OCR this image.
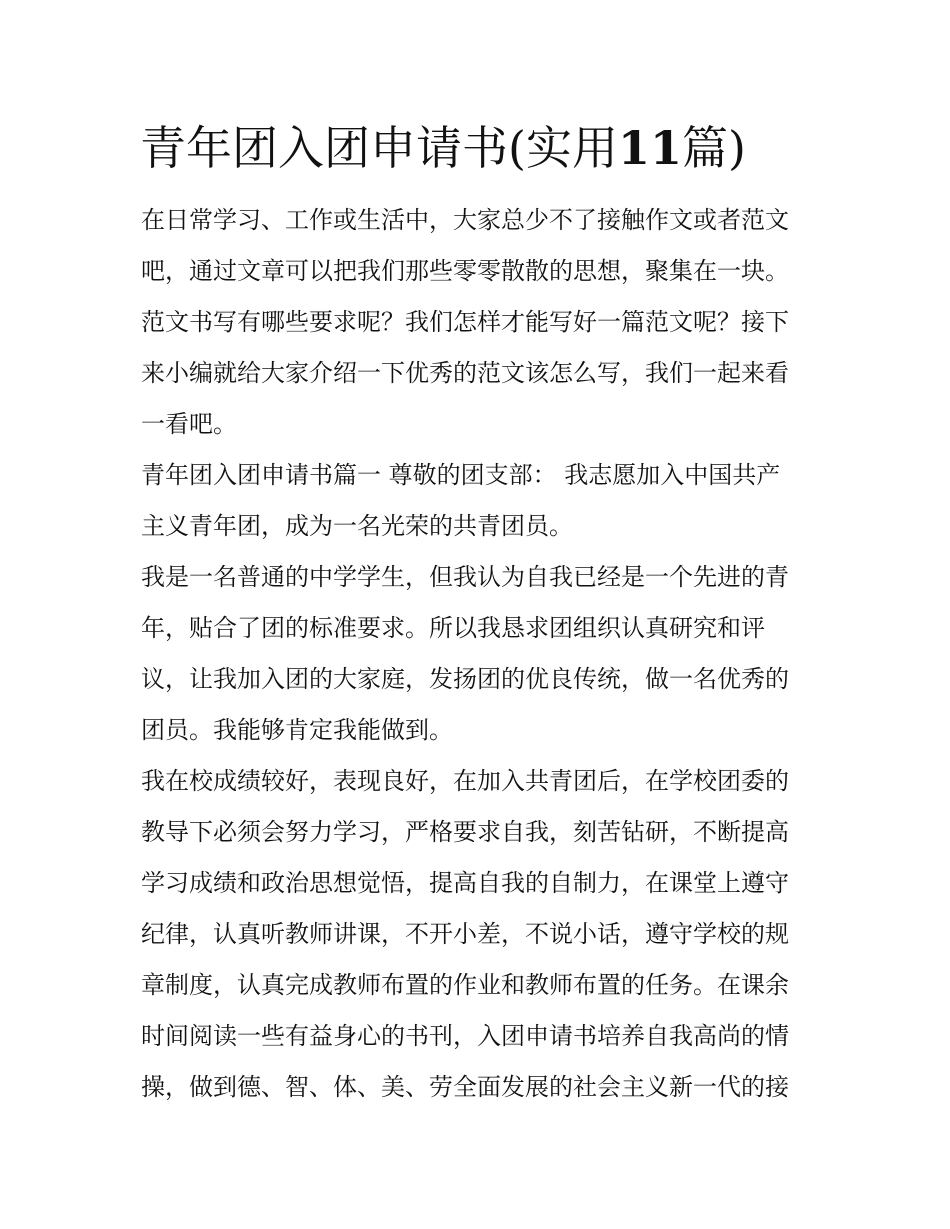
青年团入团申请书(实用11篇)
在日常学习、工作或生活中，大家总少不了接触作文或者范文
吧，通过文章可以把我们那些零零散散的思想，聚集在一块。
范文书写有哪些要求呢？我们怎样才能写好一篇范文呢？接下
来小编就给大家介绍一下优秀的范文该怎么写，我们一起来看
一看吧。
青年团入团申请书篇一 尊敬的团支部： 我志愿加入中国共产
主义青年团，成为一名光荣的共青团员。
我是一名普通的中学学生，但我认为自我已经是一个先进的青
年，贴合了团的标准要求。所以我恳求团组织认真研究和评
议，让我加入团的大家庭，发扬团的优良传统，做一名优秀的
团员。我能够肯定我能做到。
我在校成绩较好，表现良好，在加入共青团后，在学校团委的
教导下必须会努力学习，严格要求自我，刻苦钻研，不断提高
学习成绩和政治思想觉悟，提高自我的自制力，在课堂上遵守
纪律，认真听教师讲课，不开小差，不说小话，遵守学校的规
章制度，认真完成教师布置的作业和教师布置的任务。在课余
时间阅读一些有益身心的书刊，入团申请书培养自我高尚的情
操，做到德、智、体、美、劳全面发展的社会主义新一代的接
